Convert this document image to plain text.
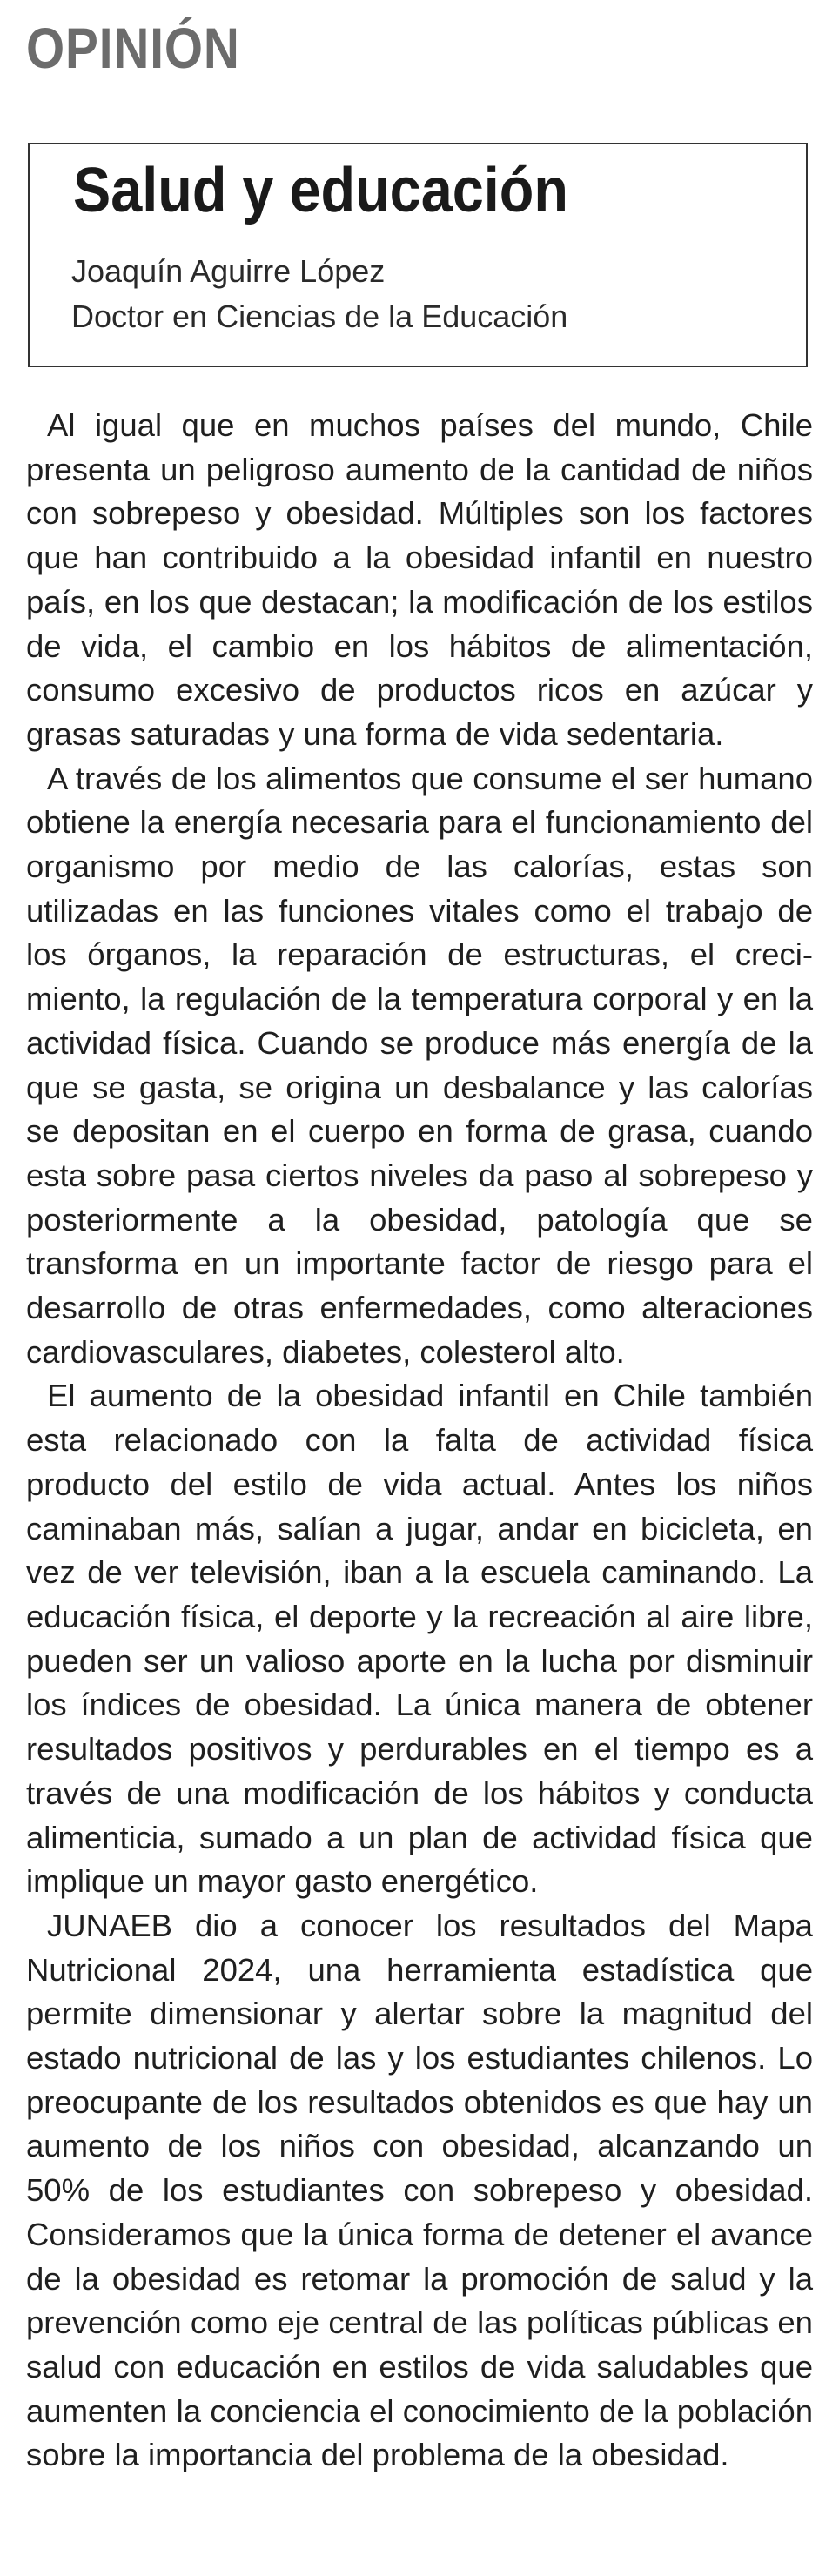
OPINIÓN
Salud y educación
Joaquín Aguirre López
Doctor en Ciencias de la Educación

Al igual que en muchos países del mundo, Chile presenta un peligroso aumento de la cantidad de niños con sobrepeso y obesidad. Múltiples son los factores que han contribuido a la obesidad infantil en nuestro país, en los que destacan; la modificación de los estilos de vida, el cambio en los hábitos de alimentación, consumo excesivo de productos ricos en azúcar y grasas saturadas y una forma de vida sedentaria.

A través de los alimentos que consume el ser humano obtiene la energía necesaria para el funcionamiento del organismo por medio de las calorías, estas son utilizadas en las funciones vitales como el trabajo de los órganos, la reparación de estructuras, el crecimiento, la regulación de la temperatura corporal y en la actividad física. Cuando se produce más energía de la que se gasta, se origina un desbalance y las calorías se depositan en el cuerpo en forma de grasa, cuando esta sobre pasa ciertos niveles da paso al sobrepeso y posteriormente a la obesidad, patología que se transforma en un importante factor de riesgo para el desarrollo de otras enfermedades, como alteraciones cardiovasculares, diabetes, colesterol alto.

El aumento de la obesidad infantil en Chile también esta relacionado con la falta de actividad física producto del estilo de vida actual. Antes los niños caminaban más, salían a jugar, andar en bicicleta, en vez de ver televisión, iban a la escuela caminando. La educación física, el deporte y la recreación al aire libre, pueden ser un valioso aporte en la lucha por disminuir los índices de obesidad. La única manera de obtener resultados positivos y perdurables en el tiempo es a través de una modificación de los hábitos y conducta alimenticia, sumado a un plan de actividad física que implique un mayor gasto energético.

JUNAEB dio a conocer los resultados del Mapa Nutricional 2024, una herramienta estadística que permite dimensionar y alertar sobre la magnitud del estado nutricional de las y los estudiantes chilenos. Lo preocupante de los resultados obtenidos es que hay un aumento de los niños con obesidad, alcanzando un 50% de los estudiantes con sobrepeso y obesidad. Consideramos que la única forma de detener el avance de la obesidad es retomar la promoción de salud y la prevención como eje central de las políticas públicas en salud con educación en estilos de vida saludables que aumenten la conciencia el conocimiento de la población sobre la importancia del problema de la obesidad.
